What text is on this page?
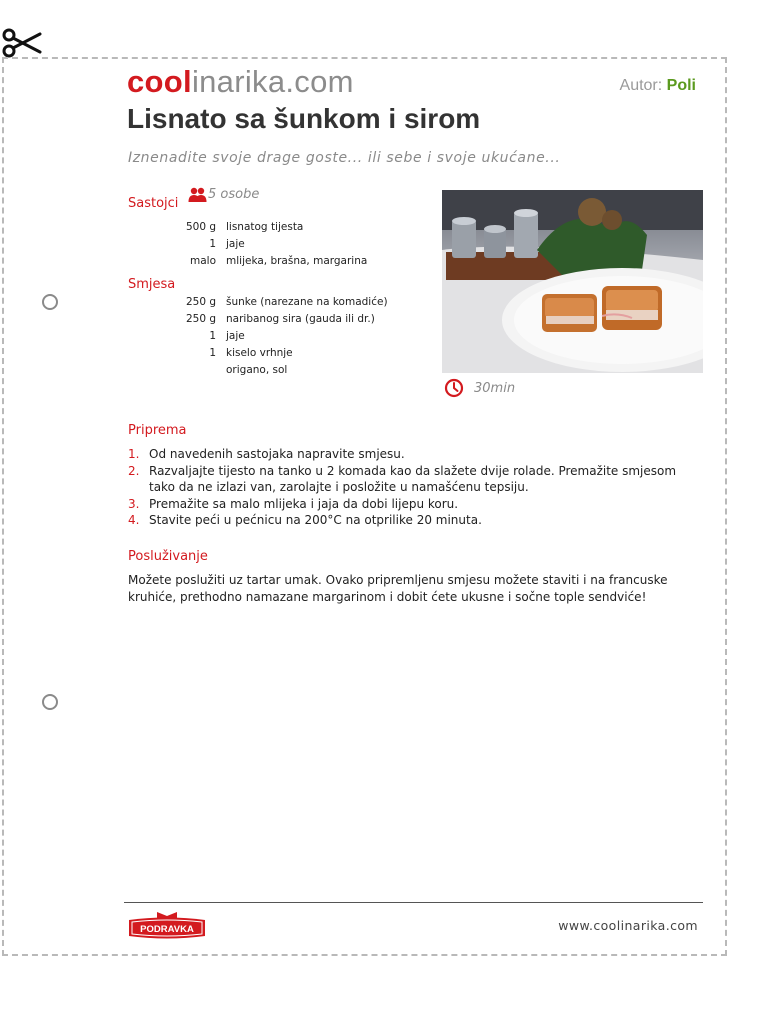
coolinarika.com	Autor: Poli
Lisnato sa šunkom i sirom
Iznenadite svoje drage goste... ili sebe i svoje ukućane...
5 osobe
Sastojci
500 g lisnatog tijesta
1 jaje
malo mlijeka, brašna, margarina
Smjesa
250 g šunke (narezane na komadiće)
250 g naribanog sira (gauda ili dr.)
1 jaje
1 kiselo vrhnje
origano, sol
30min
Priprema
1. Od navedenih sastojaka napravite smjesu.
2. Razvaljajte tijesto na tanko u 2 komada kao da slažete dvije rolade. Premažite smjesom tako da ne izlazi van, zarolajte i posložite u namašćenu tepsiju.
3. Premažite sa malo mlijeka i jaja da dobi lijepu koru.
4. Stavite peći u pećnicu na 200°C na otprilike 20 minuta.
Posluživanje
Možete poslužiti uz tartar umak. Ovako pripremljenu smjesu možete staviti i na francuske kruhiće, prethodno namazane margarinom i dobit ćete ukusne i sočne tople sendviće!
PODRAVKA	www.coolinarika.com
